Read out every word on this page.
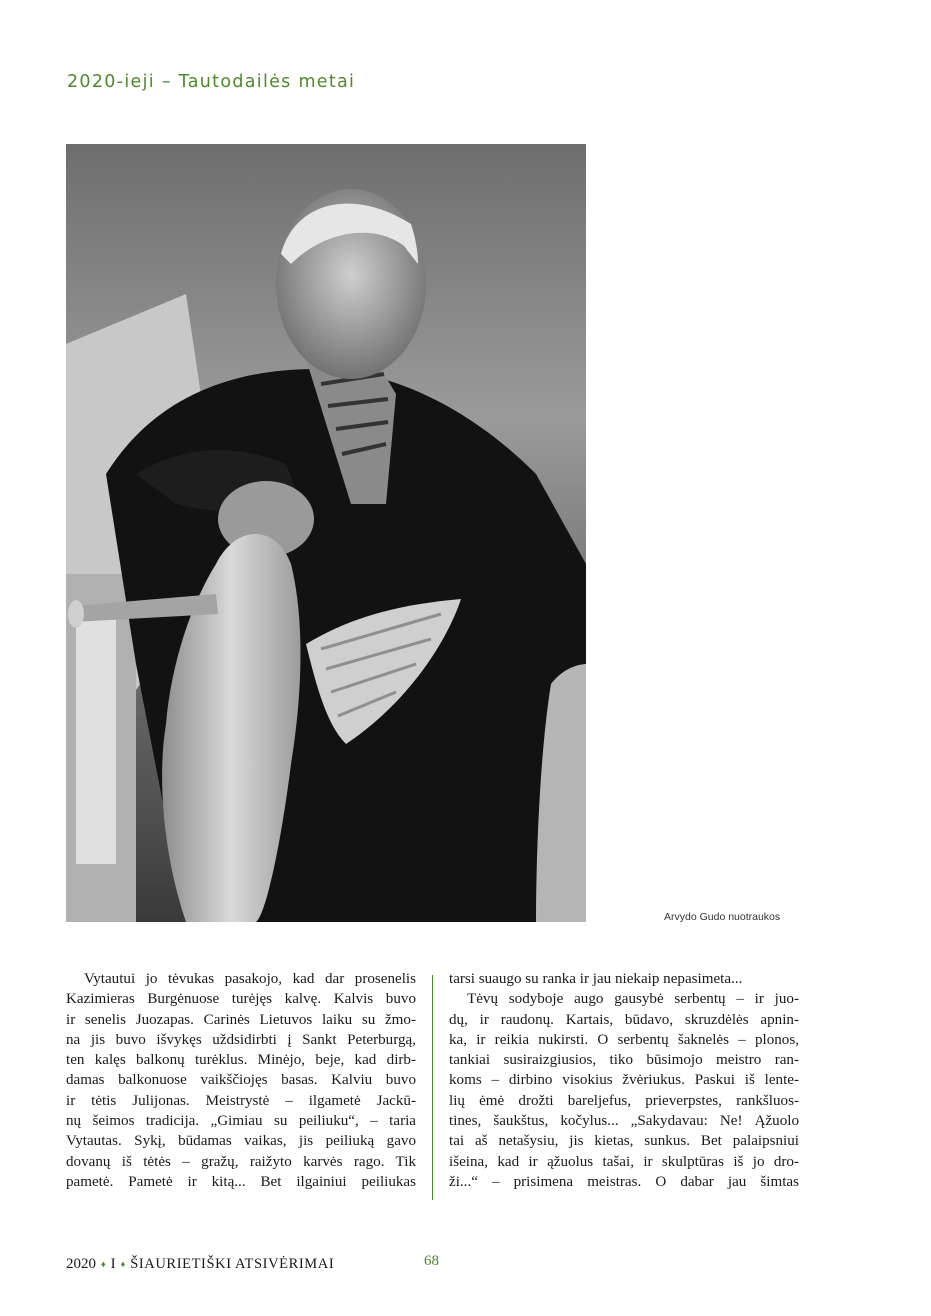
2020-ieji – Tautodailės metai
Arvydo Gudo nuotraukos
Vytautui jo tėvukas pasakojo, kad dar prosenelis
Kazimieras Burgėnuose turėjęs kalvę. Kalvis buvo
ir senelis Juozapas. Carinės Lietuvos laiku su žmo-
na jis buvo išvykęs uždsidirbti į Sankt Peterburgą,
ten kalęs balkonų turėklus. Minėjo, beje, kad dirb-
damas balkonuose vaikščiojęs basas. Kalviu buvo
ir tėtis Julijonas. Meistrystė – ilgametė Jackū-
nų šeimos tradicija. „Gimiau su peiliuku“, – taria
Vytautas. Sykį, būdamas vaikas, jis peiliuką gavo
dovanų iš tėtės – gražų, raižyto karvės rago. Tik
pametė. Pametė ir kitą... Bet ilgainiui peiliukas
tarsi suaugo su ranka ir jau niekaip nepasimeta...
Tėvų sodyboje augo gausybė serbentų – ir juo-
dų, ir raudonų. Kartais, būdavo, skruzdėlės apnin-
ka, ir reikia nukirsti. O serbentų šaknelės – plonos,
tankiai susiraizgiusios, tiko būsimojo meistro ran-
koms – dirbino visokius žvėriukus. Paskui iš lente-
lių ėmė drožti bareljefus, prieverpstes, rankšluos-
tines, šaukštus, kočylus... „Sakydavau: Ne! Ąžuolo
tai aš netašysiu, jis kietas, sunkus. Bet palaipsniui
išeina, kad ir ąžuolus tašai, ir skulptūras iš jo dro-
ži...“ – prisimena meistras. O dabar jau šimtas
2020 ♦ I ♦ ŠIAURIETIŠKI ATSIVĖRIMAI	68
